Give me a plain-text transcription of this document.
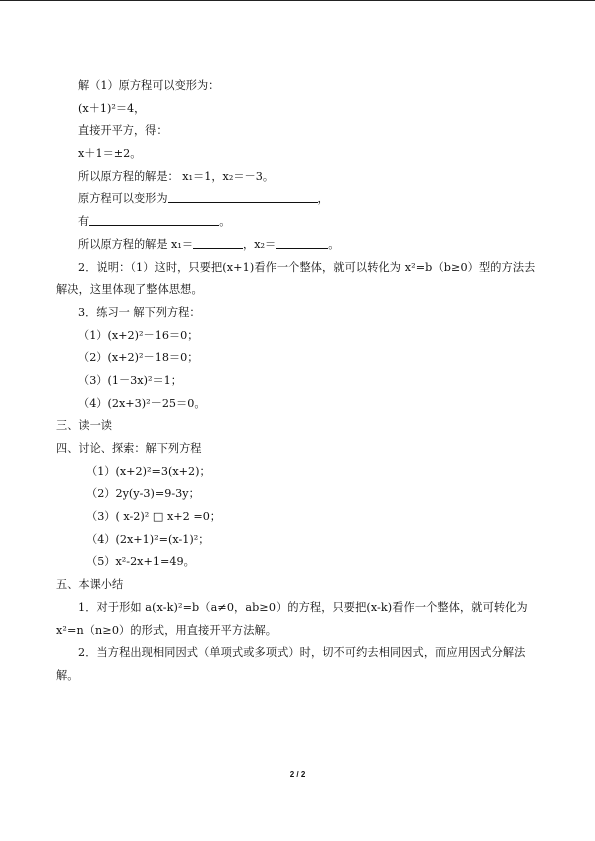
解（1）原方程可以变形为：
(x＋1)²＝4，
直接开平方，得：
x＋1＝±2。
所以原方程的解是： x₁＝1，x₂＝－3。
原方程可以变形为	，
有	。
所以原方程的解是 x₁＝	，x₂＝	。
2．说明：（1）这时，只要把(x+1)看作一个整体，就可以转化为 x²=b（b≥0）型的方法去解决，这里体现了整体思想。
3．练习一 解下列方程：
（1）(x+2)²－16＝0；
（2）(x+2)²－18＝0；
（3）(1－3x)²＝1；
（4）(2x+3)²－25＝0。
三、读一读
四、讨论、探索：解下列方程
（1）(x+2)²=3(x+2)；
（2）2y(y-3)=9-3y；
（3）( x-2)² □ x+2 =0；
（4）(2x+1)²=(x-1)²；
（5）x²-2x+1=49。
五、本课小结
1．对于形如 a(x-k)²=b（a≠0，ab≥0）的方程，只要把(x-k)看作一个整体，就可转化为 x²=n（n≥0）的形式，用直接开平方法解。
2．当方程出现相同因式（单项式或多项式）时，切不可约去相同因式，而应用因式分解法解。
2 / 2
